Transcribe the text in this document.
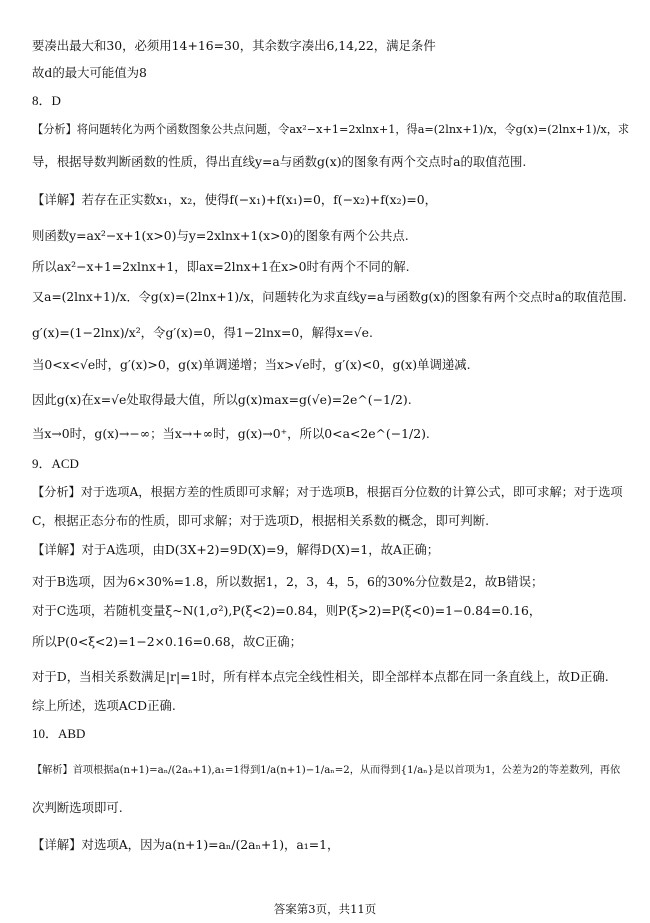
要凑出最大和30，必须用14+16=30，其余数字凑出6,14,22，满足条件
故d的最大可能值为8
8．D
【分析】将问题转化为两个函数图象公共点问题，令ax²−x+1=2xlnx+1，得a=(2lnx+1)/x，令g(x)=(2lnx+1)/x，求
导，根据导数判断函数的性质，得出直线y=a与函数g(x)的图象有两个交点时a的取值范围.
【详解】若存在正实数x₁，x₂，使得f(−x₁)+f(x₁)=0，f(−x₂)+f(x₂)=0，
则函数y=ax²−x+1(x>0)与y=2xlnx+1(x>0)的图象有两个公共点.
所以ax²−x+1=2xlnx+1，即ax=2lnx+1在x>0时有两个不同的解.
又a=(2lnx+1)/x．令g(x)=(2lnx+1)/x，问题转化为求直线y=a与函数g(x)的图象有两个交点时a的取值范围.
g′(x)=(1−2lnx)/x²，令g′(x)=0，得1−2lnx=0，解得x=√e.
当0<x<√e时，g′(x)>0，g(x)单调递增；当x>√e时，g′(x)<0，g(x)单调递减.
因此g(x)在x=√e处取得最大值，所以g(x)max=g(√e)=2e^(−1/2).
当x→0时，g(x)→−∞；当x→+∞时，g(x)→0⁺，所以0<a<2e^(−1/2).
9．ACD
【分析】对于选项A，根据方差的性质即可求解；对于选项B，根据百分位数的计算公式，即可求解；对于选项
C，根据正态分布的性质，即可求解；对于选项D，根据相关系数的概念，即可判断.
【详解】对于A选项，由D(3X+2)=9D(X)=9，解得D(X)=1，故A正确；
对于B选项，因为6×30%=1.8，所以数据1，2，3，4，5，6的30%分位数是2，故B错误；
对于C选项，若随机变量ξ~N(1,σ²),P(ξ<2)=0.84，则P(ξ>2)=P(ξ<0)=1−0.84=0.16，
所以P(0<ξ<2)=1−2×0.16=0.68，故C正确；
对于D，当相关系数满足|r|=1时，所有样本点完全线性相关，即全部样本点都在同一条直线上，故D正确.
综上所述，选项ACD正确.
10．ABD
【解析】首项根据a(n+1)=aₙ/(2aₙ+1),a₁=1得到1/a(n+1)−1/aₙ=2，从而得到{1/aₙ}是以首项为1，公差为2的等差数列，再依
次判断选项即可.
【详解】对选项A，因为a(n+1)=aₙ/(2aₙ+1)，a₁=1，
答案第3页，共11页
